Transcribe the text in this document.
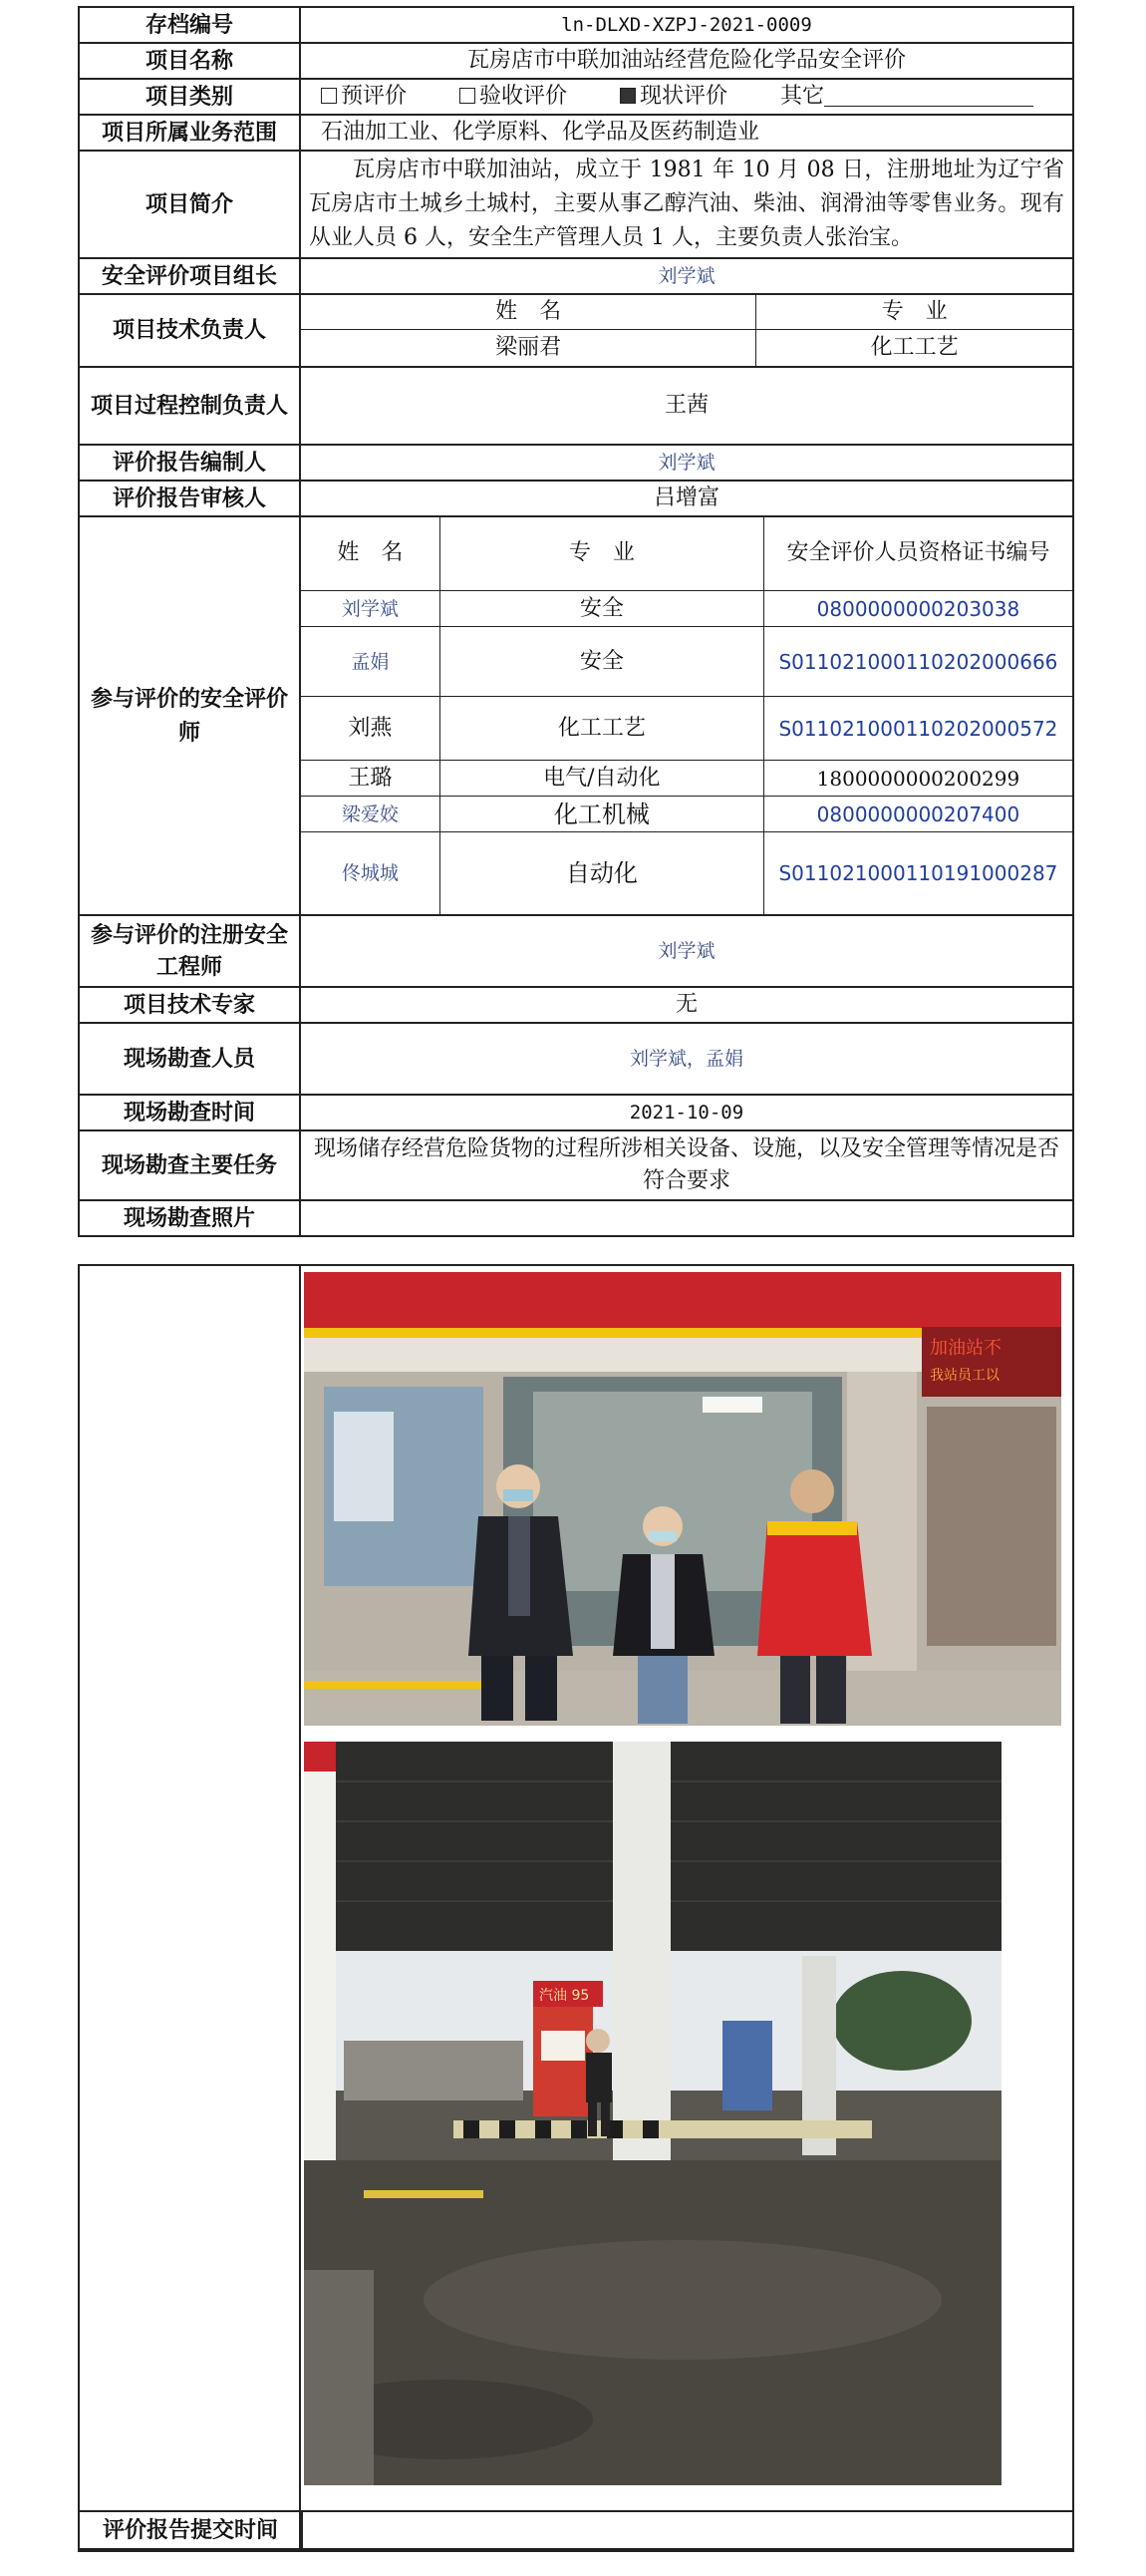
存档编号	ln-DLXD-XZPJ-2021-0009
项目名称	瓦房店市中联加油站经营危险化学品安全评价
项目类别	预评价	验收评价	现状评价 其它
项目所属业务范围	石油加工业、化学原料、化学品及医药制造业
项目简介	瓦房店市中联加油站，成立于 1981 年 10 月 08 日，注册地址为辽宁省瓦房店市土城乡土城村，主要从事乙醇汽油、柴油、润滑油等零售业务。现有从业人员 6 人，安全生产管理人员 1 人，主要负责人张治宝。
安全评价项目组长	刘学斌
项目技术负责人	
姓　名	专　业
梁丽君	化工工艺

项目过程控制负责人	王茜
评价报告编制人	刘学斌
评价报告审核人	吕增富
参与评价的安全评价师	
姓　名	专　业	安全评价人员资格证书编号
刘学斌	安全	0800000000203038
孟娟	安全	S011021000110202000666
刘燕	化工工艺	S011021000110202000572
王璐	电气/自动化	1800000000200299
梁爱姣	化工机械	0800000000207400
佟城城	自动化	S011021000110191000287

参与评价的注册安全工程师	刘学斌
项目技术专家	无
现场勘查人员	刘学斌，孟娟
现场勘查时间	2021-10-09
现场勘查主要任务	现场储存经营危险货物的过程所涉相关设备、设施，以及安全管理等情况是否符合要求
现场勘查照片	
加油站不
我站员工以
汽油 95
评价报告提交时间
